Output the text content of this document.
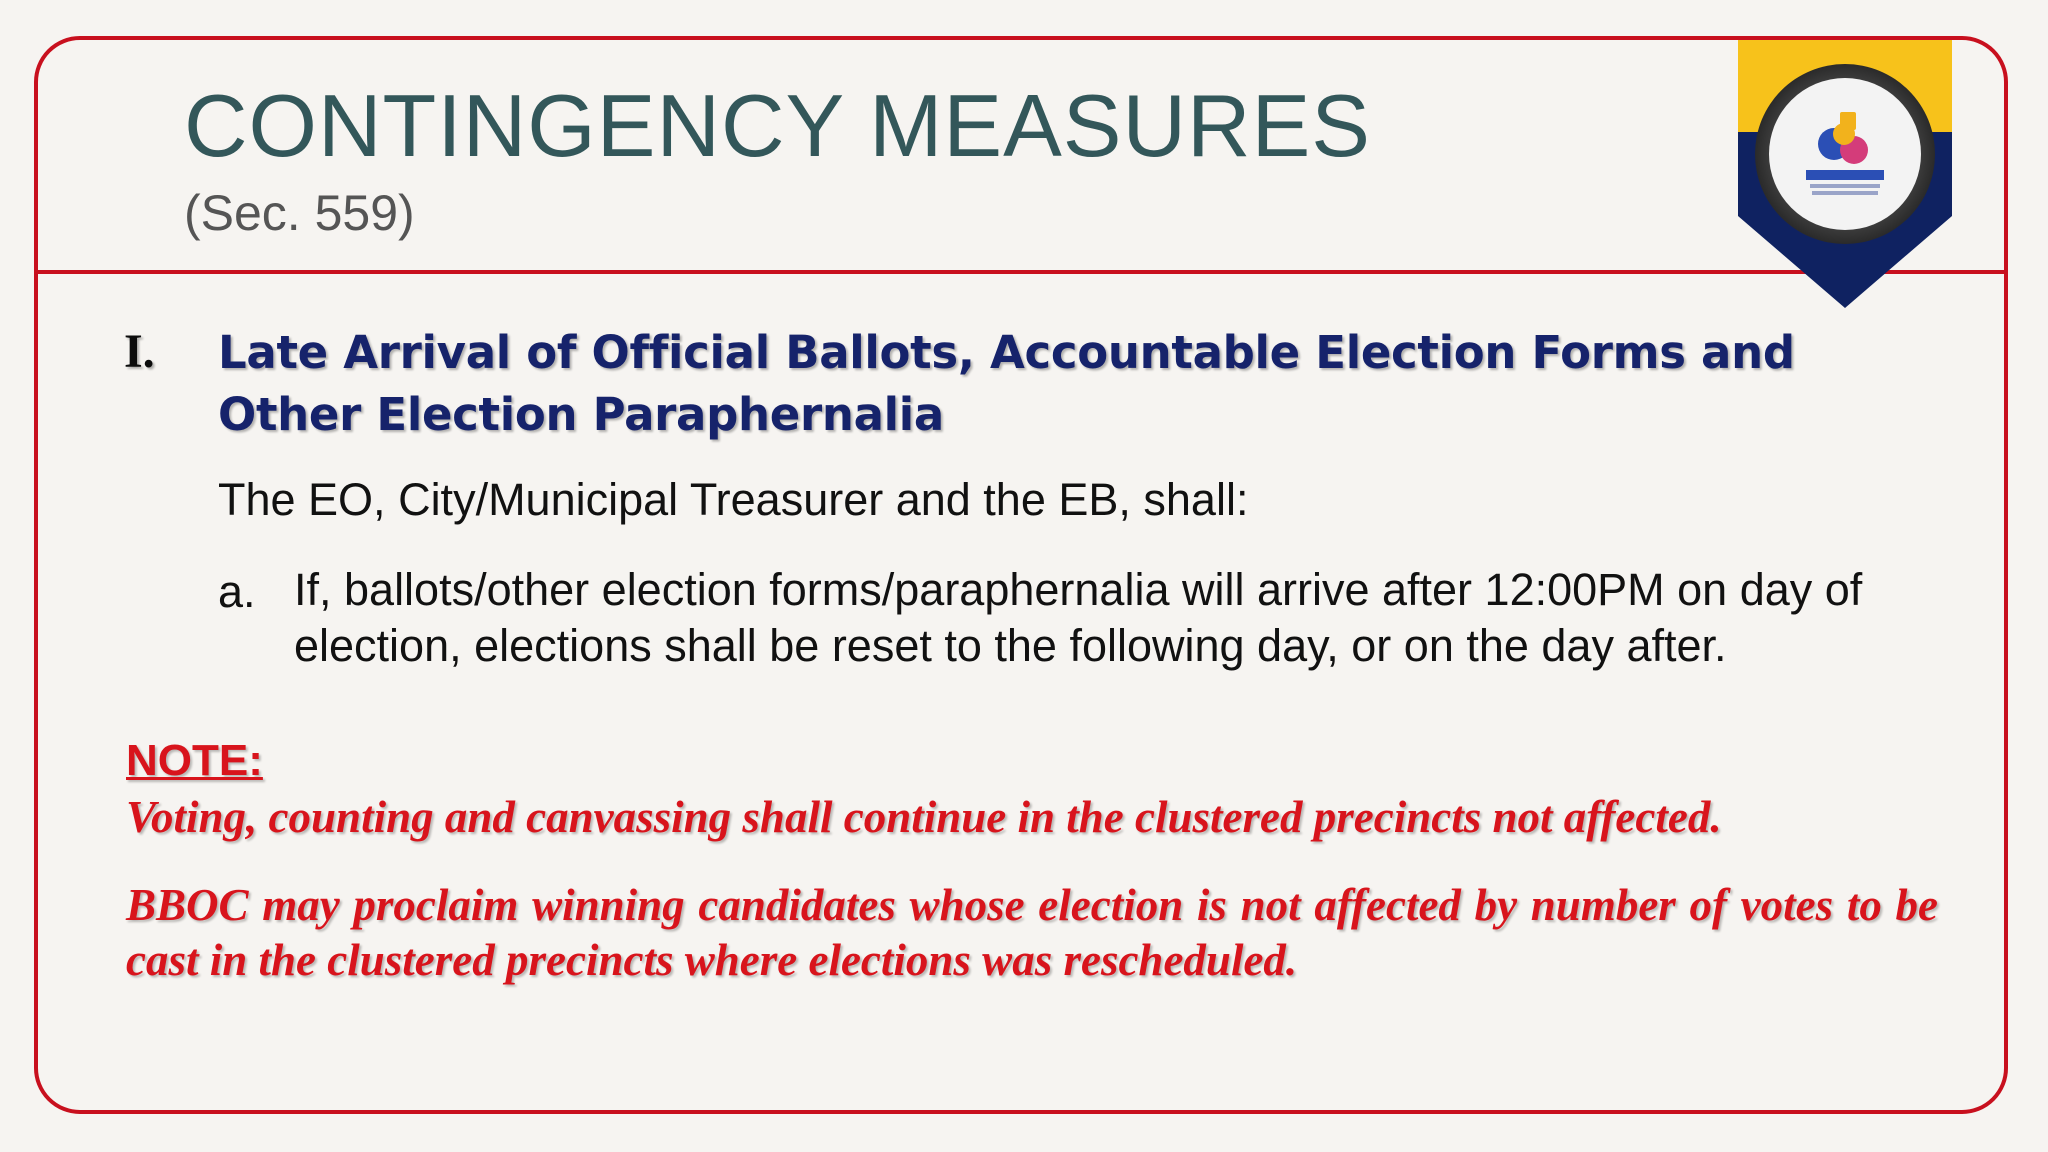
CONTINGENCY MEASURES
(Sec. 559)
I. Late Arrival of Official Ballots, Accountable Election Forms and Other Election Paraphernalia
The EO, City/Municipal Treasurer and the EB, shall:
a. If, ballots/other election forms/paraphernalia will arrive after 12:00PM on day of election, elections shall be reset to the following day, or on the day after.
NOTE:
Voting, counting and canvassing shall continue in the clustered precincts not affected.
BBOC may proclaim winning candidates whose election is not affected by number of votes to be cast in the clustered precincts where elections was rescheduled.
